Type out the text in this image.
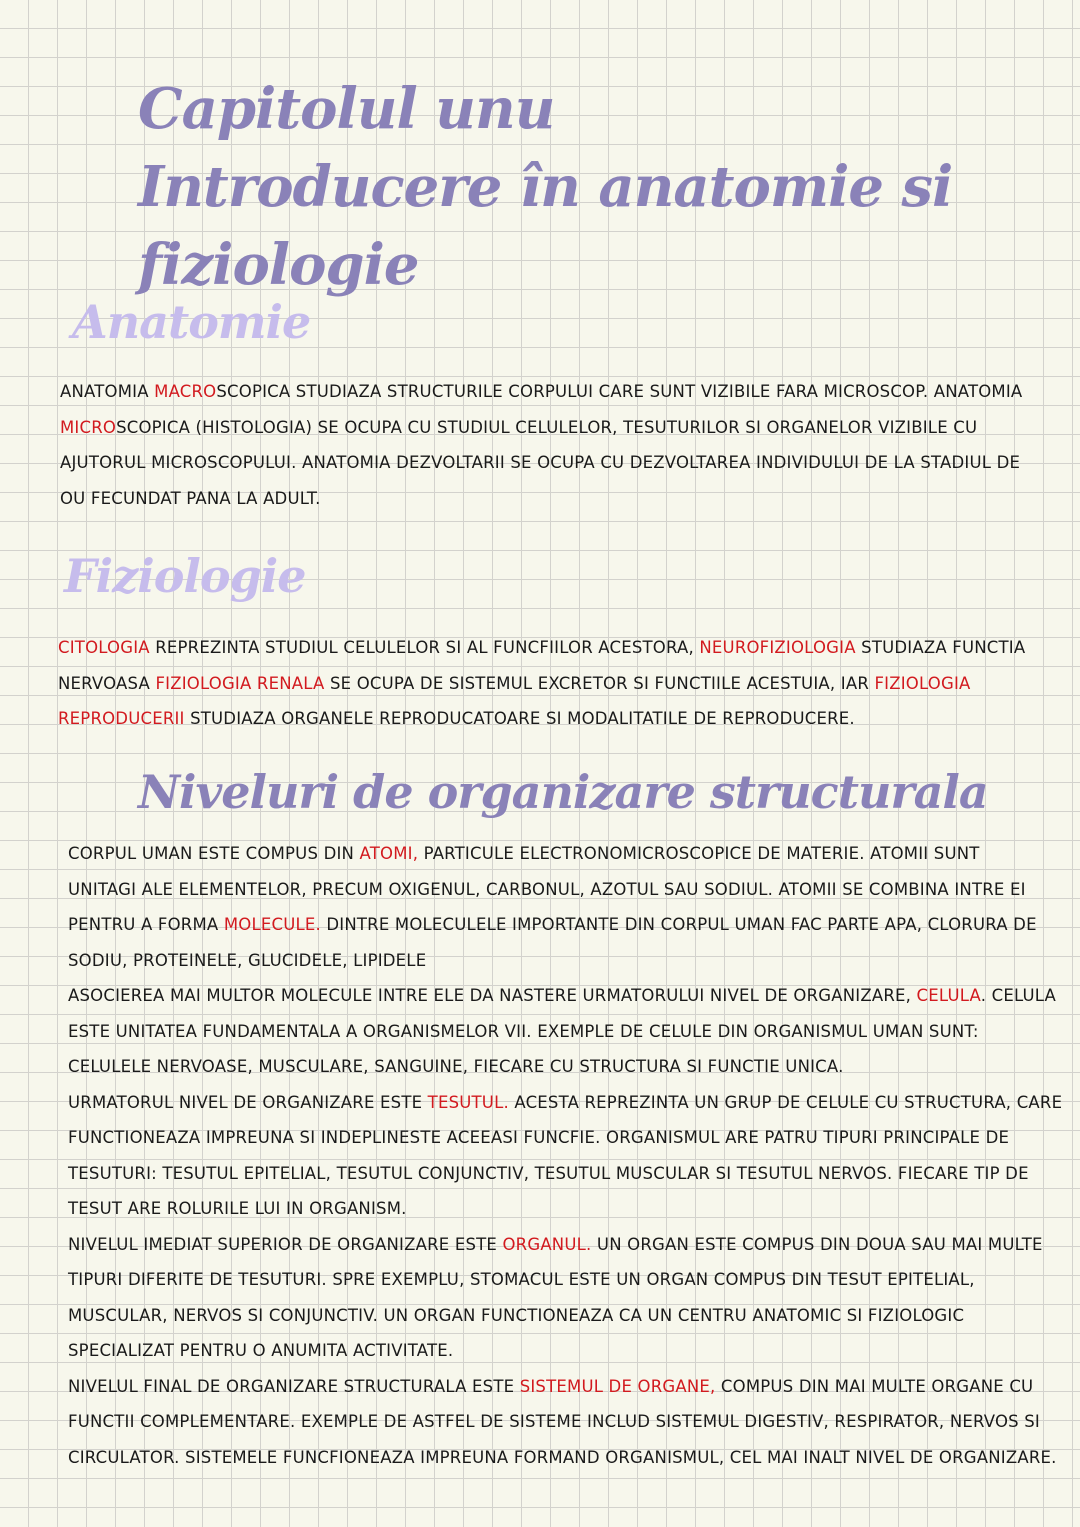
Capitolul unu
Introducere în anatomie si
fiziologie
Anatomie
ANATOMIA MACROSCOPICA STUDIAZA STRUCTURILE CORPULUI CARE SUNT VIZIBILE FARA MICROSCOP. ANATOMIA
MICROSCOPICA (HISTOLOGIA) SE OCUPA CU STUDIUL CELULELOR, TESUTURILOR SI ORGANELOR VIZIBILE CU
AJUTORUL MICROSCOPULUI. ANATOMIA DEZVOLTARII SE OCUPA CU DEZVOLTAREA INDIVIDULUI DE LA STADIUL DE
OU FECUNDAT PANA LA ADULT.
Fiziologie
CITOLOGIA REPREZINTA STUDIUL CELULELOR SI AL FUNCFIILOR ACESTORA, NEUROFIZIOLOGIA STUDIAZA FUNCTIA
NERVOASA FIZIOLOGIA RENALA SE OCUPA DE SISTEMUL EXCRETOR SI FUNCTIILE ACESTUIA, IAR FIZIOLOGIA
REPRODUCERII STUDIAZA ORGANELE REPRODUCATOARE SI MODALITATILE DE REPRODUCERE.
Niveluri de organizare structurala
CORPUL UMAN ESTE COMPUS DIN ATOMI, PARTICULE ELECTRONOMICROSCOPICE DE MATERIE. ATOMII SUNT
UNITAGI ALE ELEMENTELOR, PRECUM OXIGENUL, CARBONUL, AZOTUL SAU SODIUL. ATOMII SE COMBINA INTRE EI
PENTRU A FORMA MOLECULE. DINTRE MOLECULELE IMPORTANTE DIN CORPUL UMAN FAC PARTE APA, CLORURA DE
SODIU, PROTEINELE, GLUCIDELE, LIPIDELE
ASOCIEREA MAI MULTOR MOLECULE INTRE ELE DA NASTERE URMATORULUI NIVEL DE ORGANIZARE, CELULA. CELULA
ESTE UNITATEA FUNDAMENTALA A ORGANISMELOR VII. EXEMPLE DE CELULE DIN ORGANISMUL UMAN SUNT:
CELULELE NERVOASE, MUSCULARE, SANGUINE, FIECARE CU STRUCTURA SI FUNCTIE UNICA.
URMATORUL NIVEL DE ORGANIZARE ESTE TESUTUL. ACESTA REPREZINTA UN GRUP DE CELULE CU STRUCTURA, CARE
FUNCTIONEAZA IMPREUNA SI INDEPLINESTE ACEEASI FUNCFIE. ORGANISMUL ARE PATRU TIPURI PRINCIPALE DE
TESUTURI: TESUTUL EPITELIAL, TESUTUL CONJUNCTIV, TESUTUL MUSCULAR SI TESUTUL NERVOS. FIECARE TIP DE
TESUT ARE ROLURILE LUI IN ORGANISM.
NIVELUL IMEDIAT SUPERIOR DE ORGANIZARE ESTE ORGANUL. UN ORGAN ESTE COMPUS DIN DOUA SAU MAI MULTE
TIPURI DIFERITE DE TESUTURI. SPRE EXEMPLU, STOMACUL ESTE UN ORGAN COMPUS DIN TESUT EPITELIAL,
MUSCULAR, NERVOS SI CONJUNCTIV. UN ORGAN FUNCTIONEAZA CA UN CENTRU ANATOMIC SI FIZIOLOGIC
SPECIALIZAT PENTRU O ANUMITA ACTIVITATE.
NIVELUL FINAL DE ORGANIZARE STRUCTURALA ESTE SISTEMUL DE ORGANE, COMPUS DIN MAI MULTE ORGANE CU
FUNCTII COMPLEMENTARE. EXEMPLE DE ASTFEL DE SISTEME INCLUD SISTEMUL DIGESTIV, RESPIRATOR, NERVOS SI
CIRCULATOR. SISTEMELE FUNCFIONEAZA IMPREUNA FORMAND ORGANISMUL, CEL MAI INALT NIVEL DE ORGANIZARE.
